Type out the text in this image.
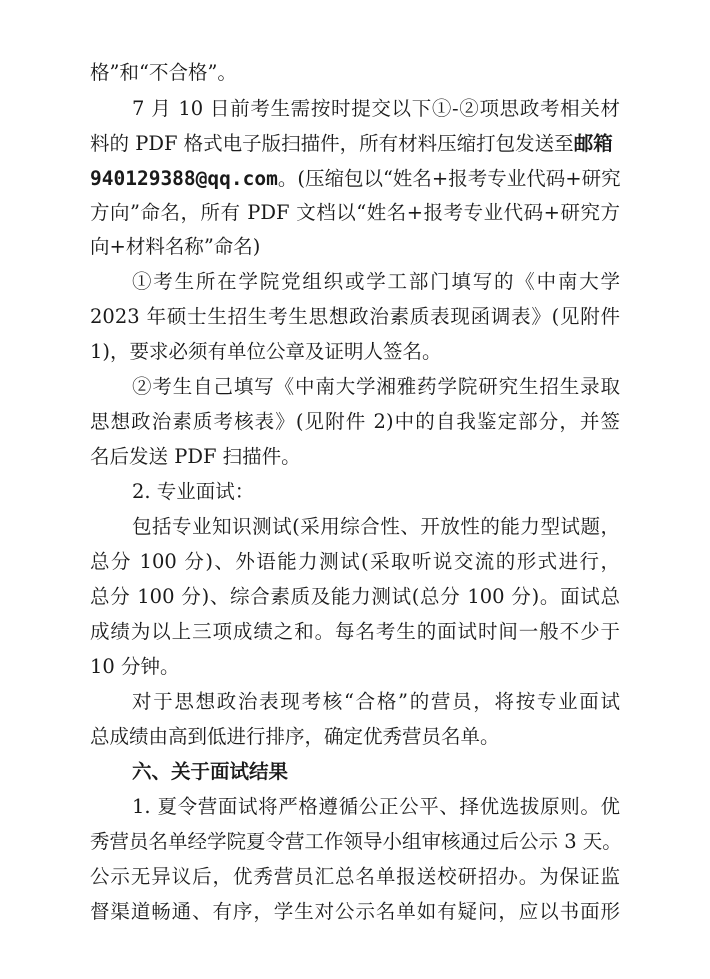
格”和“不合格”。
7 月 10 日前考生需按时提交以下①-②项思政考相关材
料的 PDF 格式电子版扫描件，所有材料压缩打包发送至邮箱
940129388@qq.com。(压缩包以“姓名+报考专业代码+研究
方向”命名，所有 PDF 文档以“姓名+报考专业代码+研究方
向+材料名称”命名)
①考生所在学院党组织或学工部门填写的《中南大学
2023 年硕士生招生考生思想政治素质表现函调表》(见附件
1)，要求必须有单位公章及证明人签名。
②考生自己填写《中南大学湘雅药学院研究生招生录取
思想政治素质考核表》(见附件 2)中的自我鉴定部分，并签
名后发送 PDF 扫描件。
2. 专业面试：
包括专业知识测试(采用综合性、开放性的能力型试题，
总分 100 分)、外语能力测试(采取听说交流的形式进行，
总分 100 分)、综合素质及能力测试(总分 100 分)。面试总
成绩为以上三项成绩之和。每名考生的面试时间一般不少于
10 分钟。
对于思想政治表现考核“合格”的营员，将按专业面试
总成绩由高到低进行排序，确定优秀营员名单。
六、关于面试结果
1. 夏令营面试将严格遵循公正公平、择优选拔原则。优
秀营员名单经学院夏令营工作领导小组审核通过后公示 3 天。
公示无异议后，优秀营员汇总名单报送校研招办。为保证监
督渠道畅通、有序，学生对公示名单如有疑问，应以书面形
